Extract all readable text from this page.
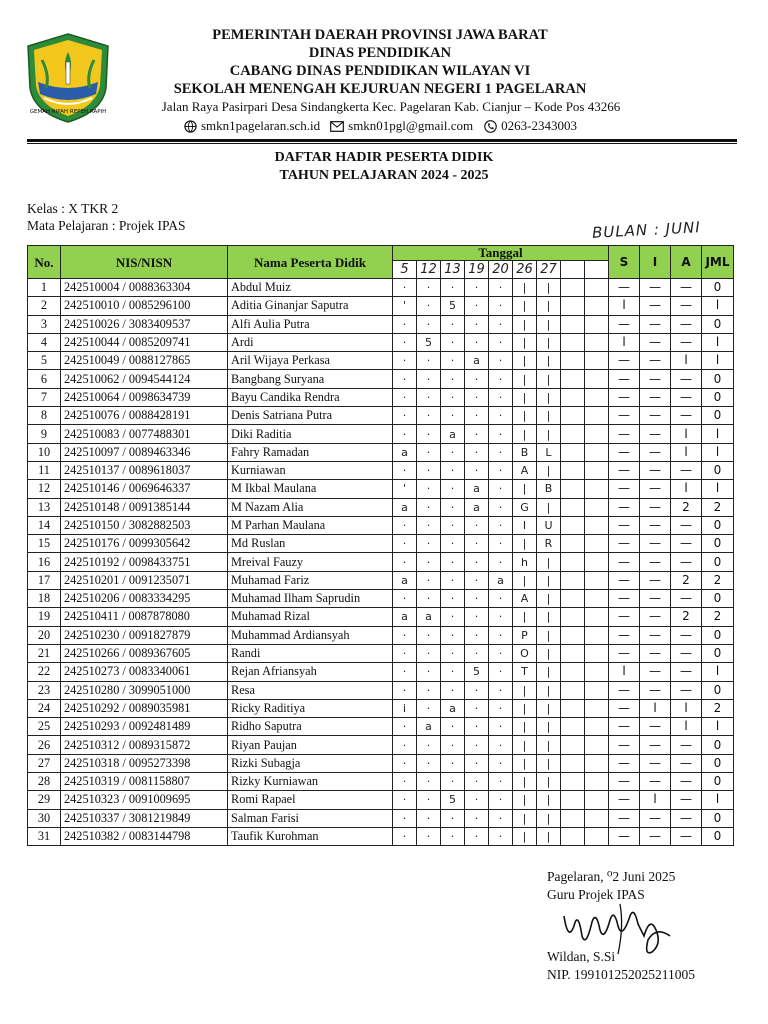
GEMAH RIPAH REPEH RAPIH
PEMERINTAH DAERAH PROVINSI JAWA BARAT
DINAS PENDIDIKAN
CABANG DINAS PENDIDIKAN WILAYAN VI
SEKOLAH MENENGAH KEJURUAN NEGERI 1 PAGELARAN
Jalan Raya Pasirpari Desa Sindangkerta Kec. Pagelaran Kab. Cianjur – Kode Pos 43266
smkn1pagelaran.sch.id smkn01pgl@gmail.com 0263-2343003
DAFTAR HADIR PESERTA DIDIK
TAHUN PELAJARAN 2024 - 2025
Kelas : X TKR 2
Mata Pelajaran : Projek IPAS	BULAN : JUNI
No.	NIS/NISN	Nama Peserta Didik	Tanggal									S	I	A	JML
			5	12	13	19	20	26	27						
1	242510004 / 0088363304	Abdul Muiz	·	·	·	·	·	|	|			—	—	—	0
2	242510010 / 0085296100	Aditia Ginanjar Saputra	'	·	5	·	·	|	|			l	—	—	l
3	242510026 / 3083409537	Alfi Aulia Putra	·	·	·	·	·	|	|			—	—	—	0
4	242510044 / 0085209741	Ardi	·	5	·	·	·	|	|			l	—	—	l
5	242510049 / 0088127865	Aril Wijaya Perkasa	·	·	·	a	·	|	|			—	—	l	l
6	242510062 / 0094544124	Bangbang Suryana	·	·	·	·	·	|	|			—	—	—	0
7	242510064 / 0098634739	Bayu Candika Rendra	·	·	·	·	·	|	|			—	—	—	0
8	242510076 / 0088428191	Denis Satriana Putra	·	·	·	·	·	|	|			—	—	—	0
9	242510083 / 0077488301	Diki Raditia	·	·	a	·	·	|	|			—	—	l	l
10	242510097 / 0089463346	Fahry Ramadan	a	·	·	·	·	B	L			—	—	l	l
11	242510137 / 0089618037	Kurniawan	·	·	·	·	·	A	|			—	—	—	0
12	242510146 / 0069646337	M Ikbal Maulana	'	·	·	a	·	|	B			—	—	l	l
13	242510148 / 0091385144	M Nazam Alia	a	·	·	a	·	G	|			—	—	2	2
14	242510150 / 3082882503	M Parhan Maulana	·	·	·	·	·	I	U			—	—	—	0
15	242510176 / 0099305642	Md Ruslan	·	·	·	·	·	|	R			—	—	—	0
16	242510192 / 0098433751	Mreival Fauzy	·	·	·	·	·	h	|			—	—	—	0
17	242510201 / 0091235071	Muhamad Fariz	a	·	·	·	a	|	|			—	—	2	2
18	242510206 / 0083334295	Muhamad Ilham Saprudin	·	·	·	·	·	A	|			—	—	—	0
19	242510411 / 0087878080	Muhamad Rizal	a	a	·	·	·	|	|			—	—	2	2
20	242510230 / 0091827879	Muhammad Ardiansyah	·	·	·	·	·	P	|			—	—	—	0
21	242510266 / 0089367605	Randi	·	·	·	·	·	O	|			—	—	—	0
22	242510273 / 0083340061	Rejan Afriansyah	·	·	·	5	·	T	|			l	—	—	l
23	242510280 / 3099051000	Resa	·	·	·	·	·	|	|			—	—	—	0
24	242510292 / 0089035981	Ricky Raditiya	i	·	a	·	·	|	|			—	l	l	2
25	242510293 / 0092481489	Ridho Saputra	·	a	·	·	·	|	|			—	—	l	l
26	242510312 / 0089315872	Riyan Paujan	·	·	·	·	·	|	|			—	—	—	0
27	242510318 / 0095273398	Rizki Subagja	·	·	·	·	·	|	|			—	—	—	0
28	242510319 / 0081158807	Rizky Kurniawan	·	·	·	·	·	|	|			—	—	—	0
29	242510323 / 0091009695	Romi Rapael	·	·	5	·	·	|	|			—	l	—	l
30	242510337 / 3081219849	Salman Farisi	·	·	·	·	·	|	|			—	—	—	0
31	242510382 / 0083144798	Taufik Kurohman	·	·	·	·	·	|	|			—	—	—	0
Pagelaran, ⁰2 Juni 2025
Guru Projek IPAS
Wildan, S.Si
NIP. 199101252025211005
